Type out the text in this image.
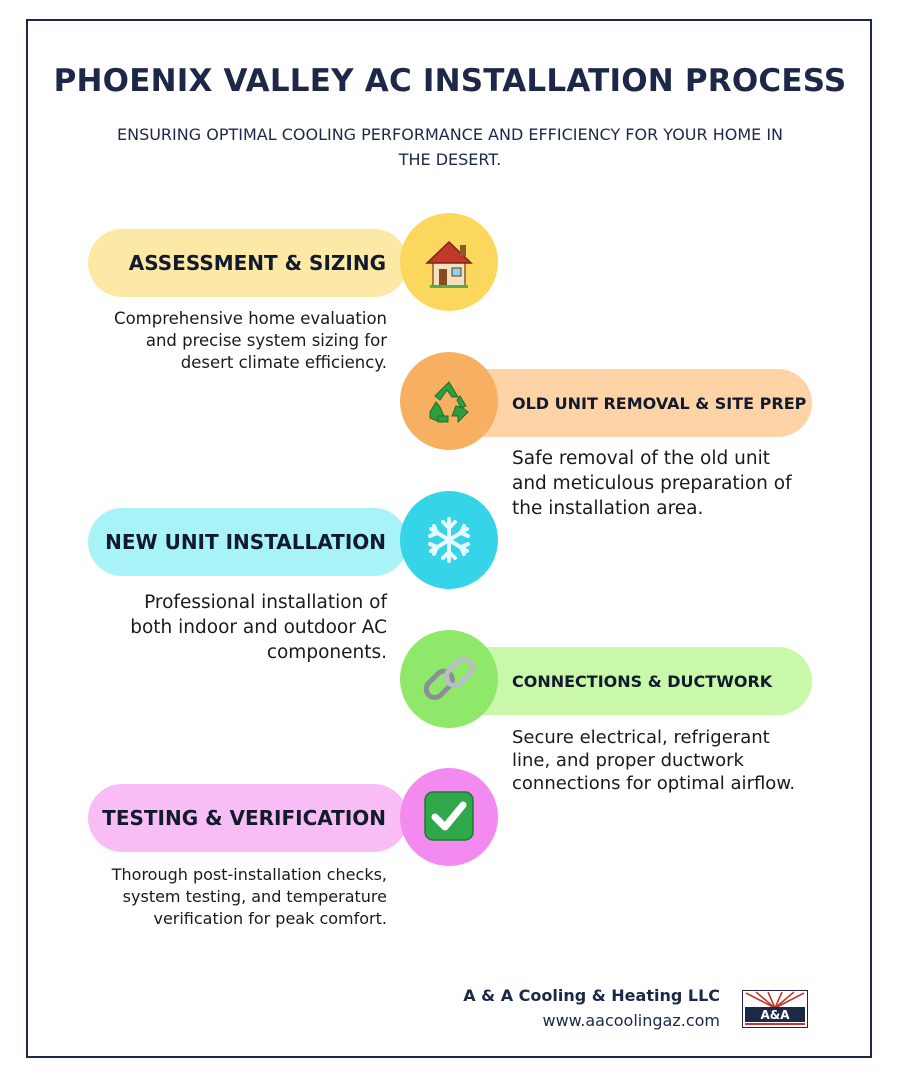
PHOENIX VALLEY AC INSTALLATION PROCESS
ENSURING OPTIMAL COOLING PERFORMANCE AND EFFICIENCY FOR YOUR HOME IN THE DESERT.
ASSESSMENT & SIZING
Comprehensive home evaluation and precise system sizing for desert climate efficiency.
OLD UNIT REMOVAL & SITE PREP
Safe removal of the old unit and meticulous preparation of the installation area.
NEW UNIT INSTALLATION
Professional installation of both indoor and outdoor AC components.
CONNECTIONS & DUCTWORK
Secure electrical, refrigerant line, and proper ductwork connections for optimal airflow.
TESTING & VERIFICATION
Thorough post-installation checks, system testing, and temperature verification for peak comfort.
A & A Cooling & Heating LLC
www.aacoolingaz.com	A&A
